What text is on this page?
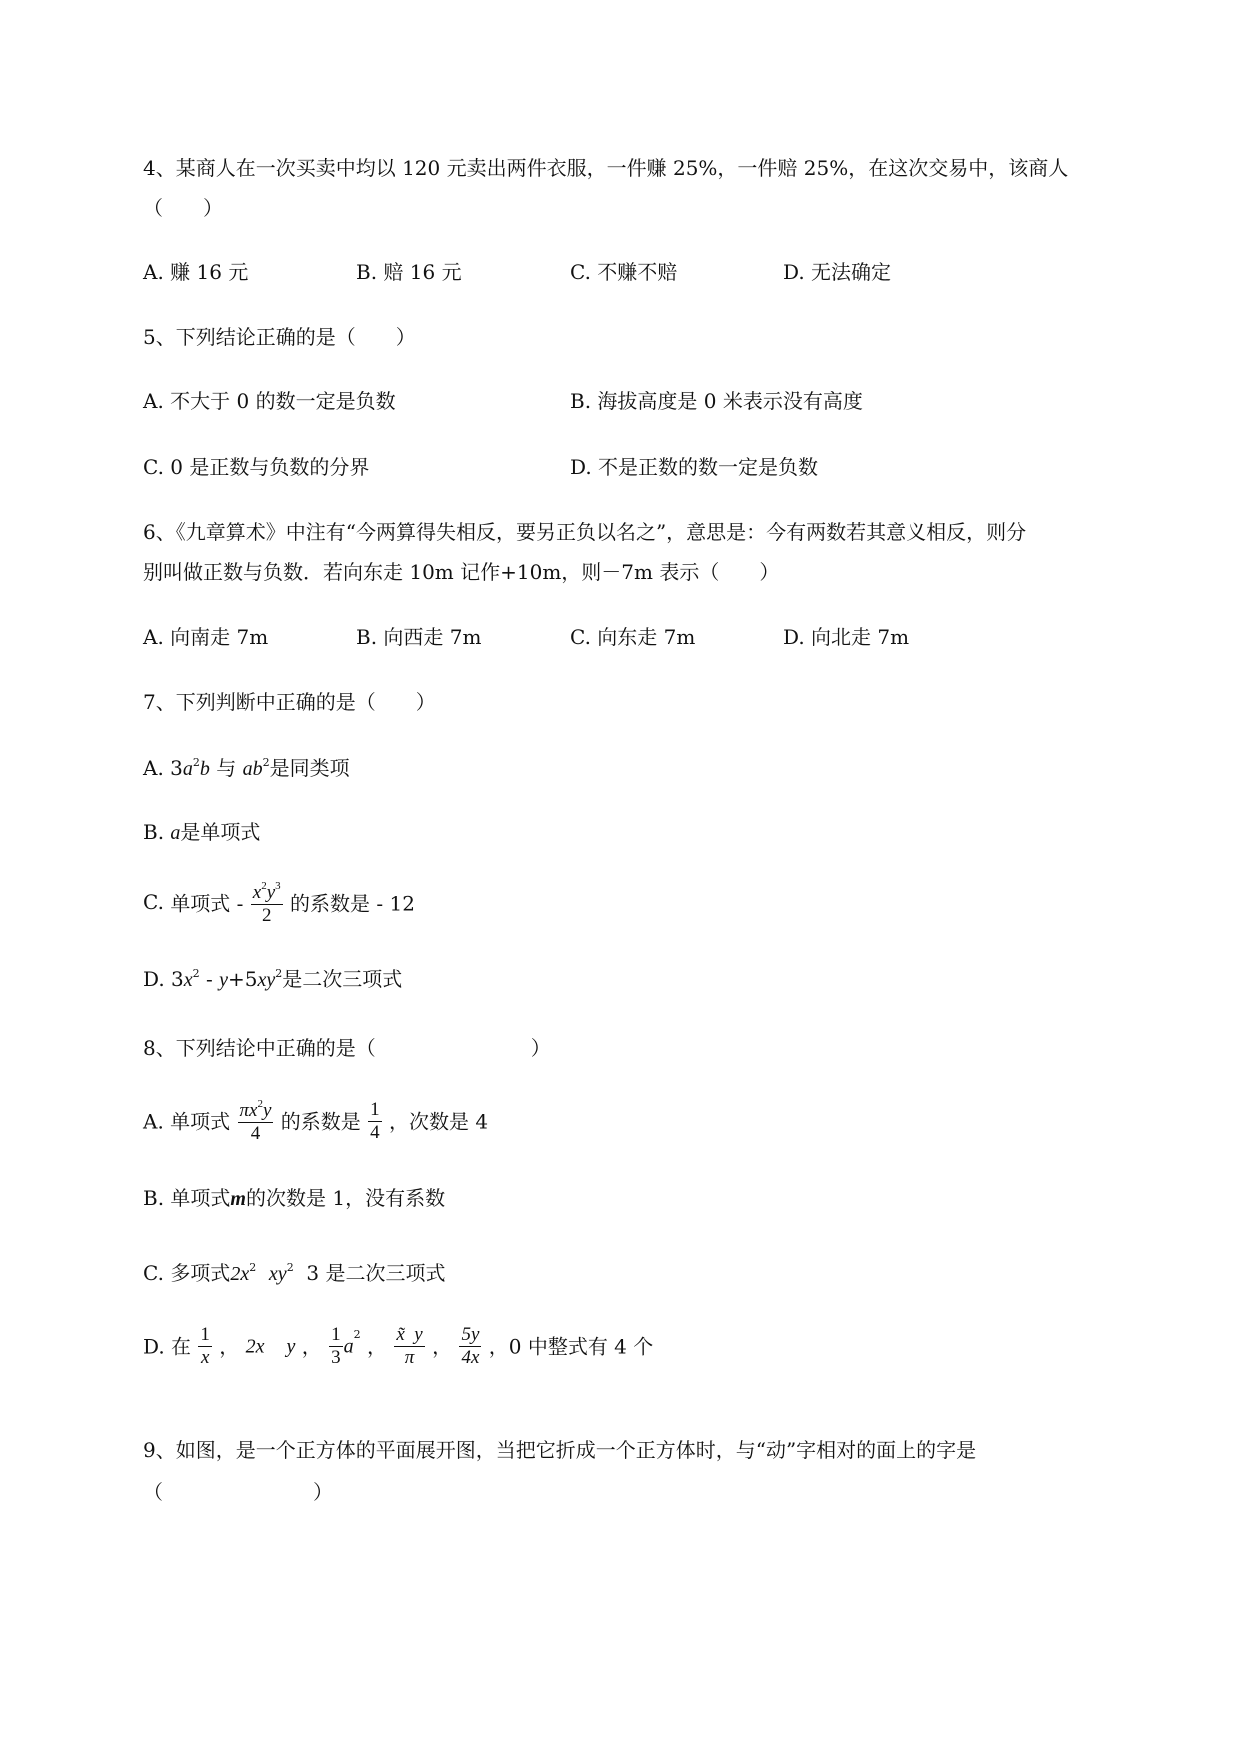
4、某商人在一次买卖中均以 120 元卖出两件衣服，一件赚 25%，一件赔 25%，在这次交易中，该商人
（　　）
A. 赚 16 元	B. 赔 16 元	C. 不赚不赔	D. 无法确定
5、下列结论正确的是（　　）
A. 不大于 0 的数一定是负数	B. 海拔高度是 0 米表示没有高度
C. 0 是正数与负数的分界	D. 不是正数的数一定是负数
6、《九章算术》中注有“今两算得失相反，要另正负以名之”，意思是：今有两数若其意义相反，则分
别叫做正数与负数．若向东走 10m 记作+10m，则－7m 表示（　　）
A. 向南走 7m	B. 向西走 7m	C. 向东走 7m	D. 向北走 7m
7、下列判断中正确的是（　　）
A. $3a^2b$ 与 $ab^2$是同类项
B. a是单项式
C. 单项式 - $\frac{x^2y^3}{2}$ 的系数是 - 12
D. $3x^2 - y+5xy^2$是二次三项式
8、下列结论中正确的是（	）
A. 单项式 $\frac{\pi x^2y}{4}$ 的系数是 $\frac{1}{4}$ ，次数是 4
B. 单项式m的次数是 1，没有系数
C. 多项式$2x^2$ $xy^2$  3 是二次三项式
D. 在 $\frac{1}{x}$ ， 2x y ， $\frac{1}{3} a^2$ ， $\frac{x̃ y}{\pi}$ ， $\frac{5y}{4x}$ ，0 中整式有 4 个
9、如图，是一个正方体的平面展开图，当把它折成一个正方体时，与“动”字相对的面上的字是
（	）
